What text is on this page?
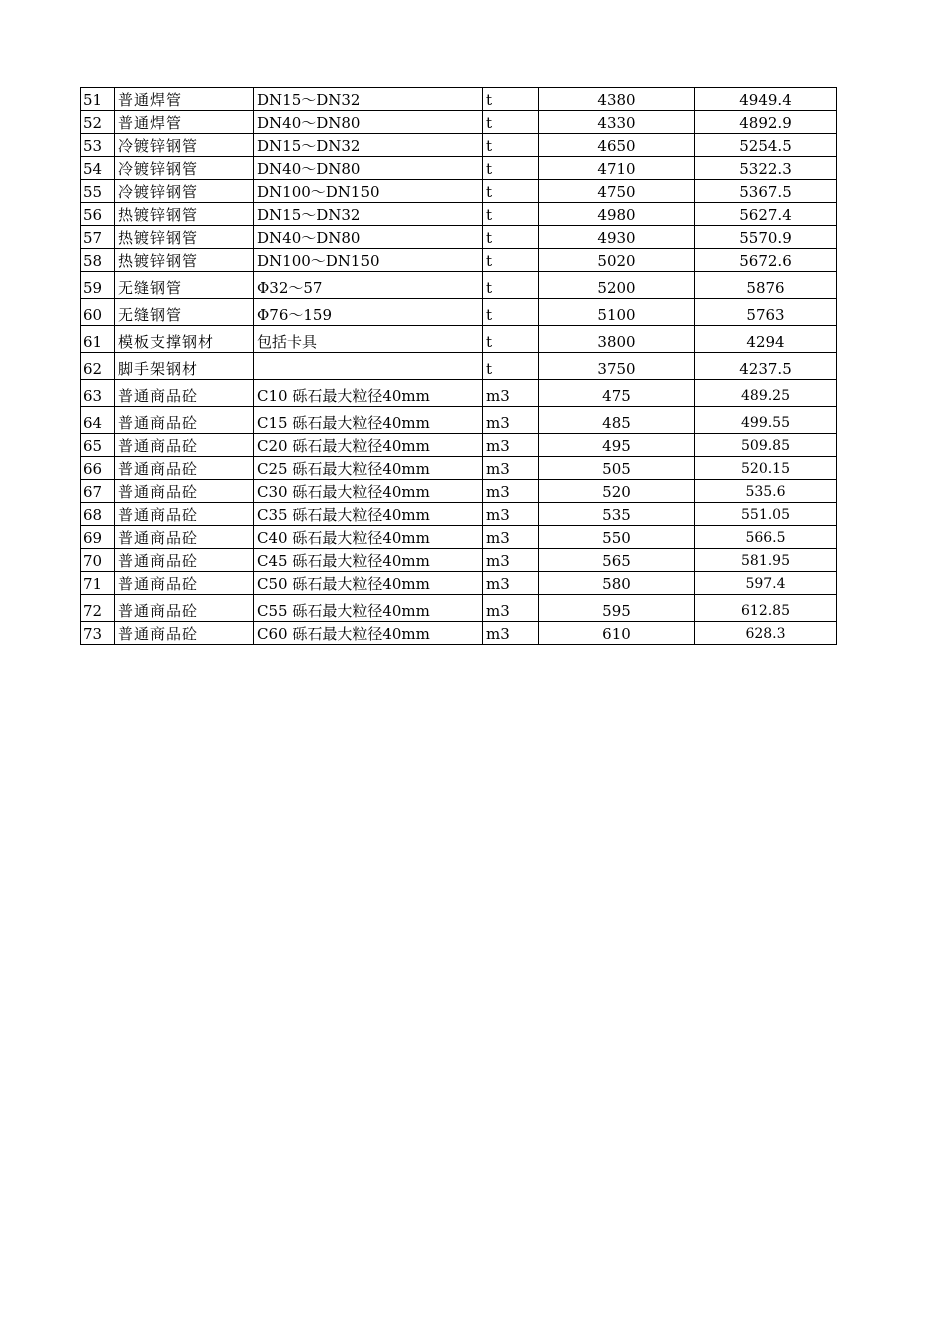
51	普通焊管	DN15～DN32	t	4380	4949.4
52	普通焊管	DN40～DN80	t	4330	4892.9
53	冷镀锌钢管	DN15～DN32	t	4650	5254.5
54	冷镀锌钢管	DN40～DN80	t	4710	5322.3
55	冷镀锌钢管	DN100～DN150	t	4750	5367.5
56	热镀锌钢管	DN15～DN32	t	4980	5627.4
57	热镀锌钢管	DN40～DN80	t	4930	5570.9
58	热镀锌钢管	DN100～DN150	t	5020	5672.6
59	无缝钢管	Φ32～57	t	5200	5876
60	无缝钢管	Φ76～159	t	5100	5763
61	模板支撑钢材	包括卡具	t	3800	4294
62	脚手架钢材		t	3750	4237.5
63	普通商品砼	C10 砾石最大粒径40mm	m3	475	489.25
64	普通商品砼	C15 砾石最大粒径40mm	m3	485	499.55
65	普通商品砼	C20 砾石最大粒径40mm	m3	495	509.85
66	普通商品砼	C25 砾石最大粒径40mm	m3	505	520.15
67	普通商品砼	C30 砾石最大粒径40mm	m3	520	535.6
68	普通商品砼	C35 砾石最大粒径40mm	m3	535	551.05
69	普通商品砼	C40 砾石最大粒径40mm	m3	550	566.5
70	普通商品砼	C45 砾石最大粒径40mm	m3	565	581.95
71	普通商品砼	C50 砾石最大粒径40mm	m3	580	597.4
72	普通商品砼	C55 砾石最大粒径40mm	m3	595	612.85
73	普通商品砼	C60 砾石最大粒径40mm	m3	610	628.3
